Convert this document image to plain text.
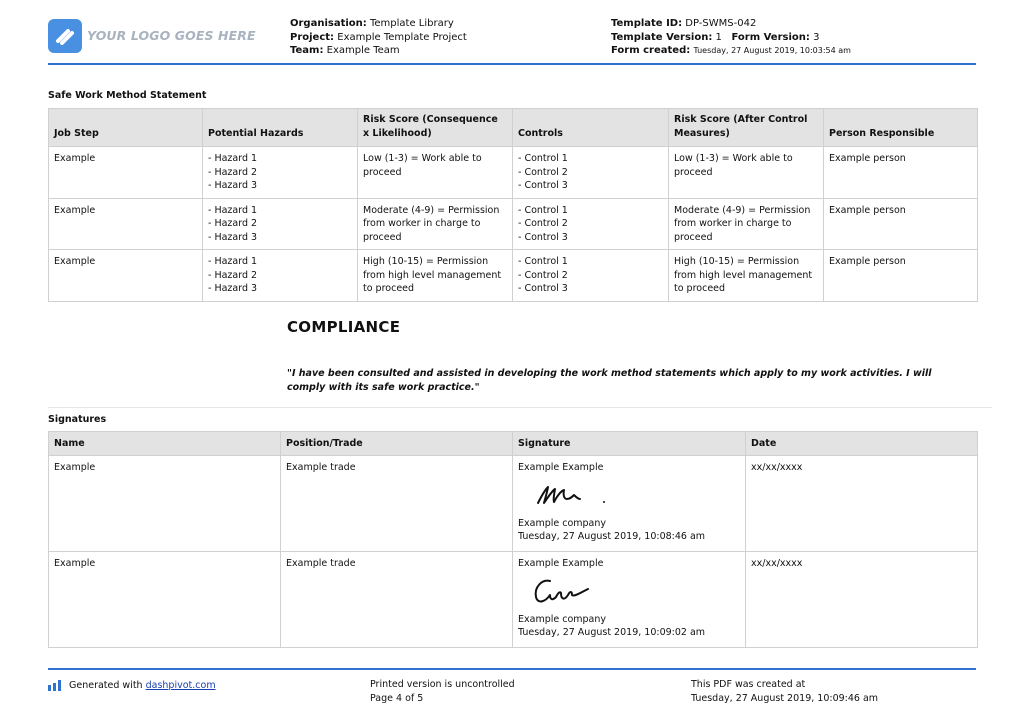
YOUR LOGO GOES HERE
Organisation: Template Library
Project: Example Template Project
Team: Example Team
Template ID: DP-SWMS-042
Template Version: 1 Form Version: 3
Form created: Tuesday, 27 August 2019, 10:03:54 am
Safe Work Method Statement
Job Step	Potential Hazards	Risk Score (Consequence x Likelihood)	Controls	Risk Score (After Control Measures)	Person Responsible
Example	- Hazard 1
- Hazard 2
- Hazard 3	Low (1-3) = Work able to proceed	- Control 1
- Control 2
- Control 3	Low (1-3) = Work able to proceed	Example person
Example	- Hazard 1
- Hazard 2
- Hazard 3	Moderate (4-9) = Permission from worker in charge to proceed	- Control 1
- Control 2
- Control 3	Moderate (4-9) = Permission from worker in charge to proceed	Example person
Example	- Hazard 1
- Hazard 2
- Hazard 3	High (10-15) = Permission from high level management to proceed	- Control 1
- Control 2
- Control 3	High (10-15) = Permission from high level management to proceed	Example person
COMPLIANCE
"I have been consulted and assisted in developing the work method statements which apply to my work activities. I will comply with its safe work practice."
Signatures
Name	Position/Trade	Signature	Date
Example	Example trade	Example Example
Example company
Tuesday, 27 August 2019, 10:08:46 am	xx/xx/xxxx
Example	Example trade	Example Example
Example company
Tuesday, 27 August 2019, 10:09:02 am	xx/xx/xxxx
Generated with
dashpivot.com	Printed version is uncontrolled
Page 4 of 5
This PDF was created at
Tuesday, 27 August 2019, 10:09:46 am
